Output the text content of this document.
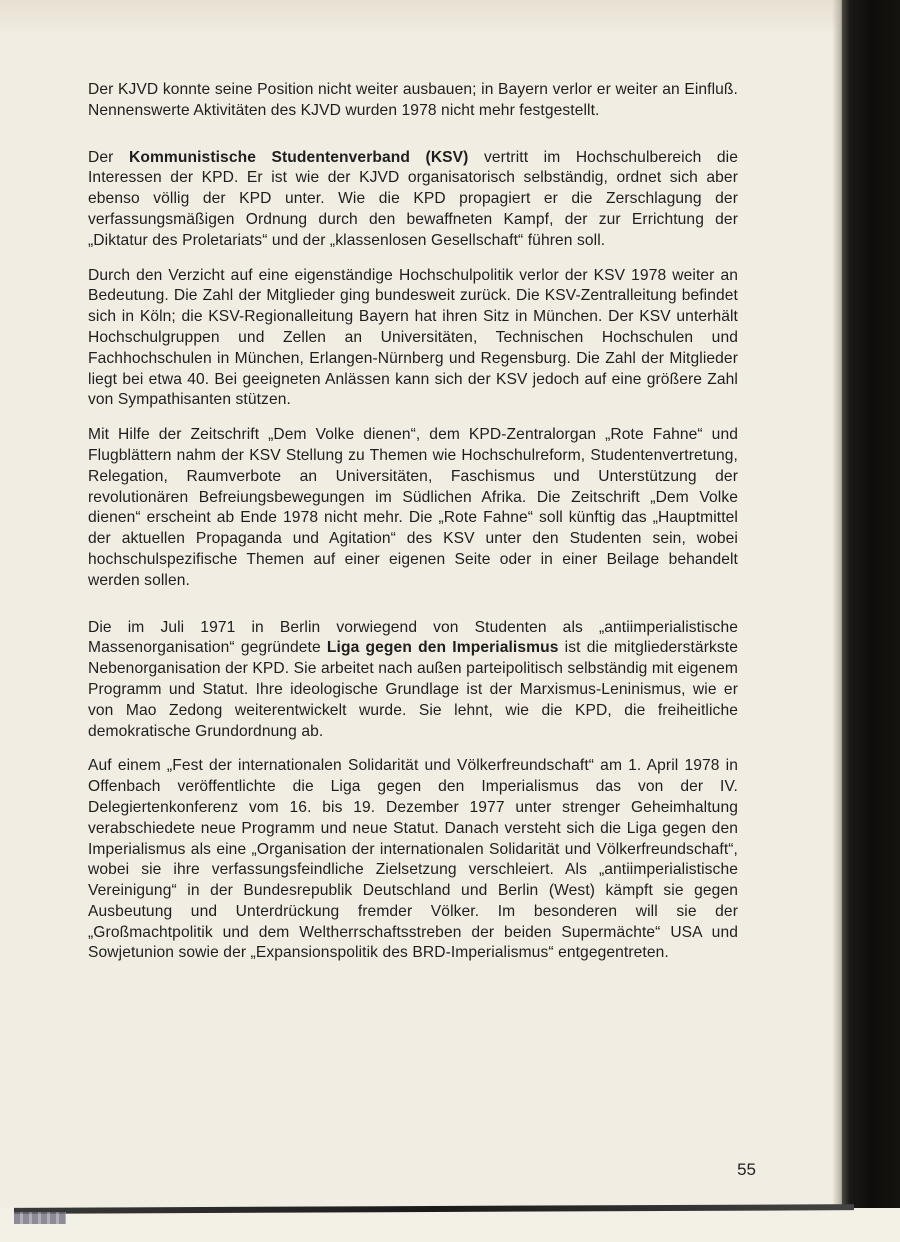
Der KJVD konnte seine Position nicht weiter ausbauen; in Bayern verlor er weiter an Einfluß. Nennenswerte Aktivitäten des KJVD wurden 1978 nicht mehr festgestellt.

Der Kommunistische Studentenverband (KSV) vertritt im Hochschulbereich die Interessen der KPD. Er ist wie der KJVD organisatorisch selbständig, ordnet sich aber ebenso völlig der KPD unter. Wie die KPD propagiert er die Zerschlagung der verfassungsmäßigen Ordnung durch den bewaffneten Kampf, der zur Errichtung der „Diktatur des Proletariats“ und der „klassenlosen Gesellschaft“ führen soll.

Durch den Verzicht auf eine eigenständige Hochschulpolitik verlor der KSV 1978 weiter an Bedeutung. Die Zahl der Mitglieder ging bundesweit zurück. Die KSV-Zentralleitung befindet sich in Köln; die KSV-Regionalleitung Bayern hat ihren Sitz in München. Der KSV unterhält Hochschulgruppen und Zellen an Universitäten, Technischen Hochschulen und Fachhochschulen in München, Erlangen-Nürnberg und Regensburg. Die Zahl der Mitglieder liegt bei etwa 40. Bei geeigneten Anlässen kann sich der KSV jedoch auf eine größere Zahl von Sympathisanten stützen.

Mit Hilfe der Zeitschrift „Dem Volke dienen“, dem KPD-Zentralorgan „Rote Fahne“ und Flugblättern nahm der KSV Stellung zu Themen wie Hochschulreform, Studentenvertretung, Relegation, Raumverbote an Universitäten, Faschismus und Unterstützung der revolutionären Befreiungsbewegungen im Südlichen Afrika. Die Zeitschrift „Dem Volke dienen“ erscheint ab Ende 1978 nicht mehr. Die „Rote Fahne“ soll künftig das „Hauptmittel der aktuellen Propaganda und Agitation“ des KSV unter den Studenten sein, wobei hochschulspezifische Themen auf einer eigenen Seite oder in einer Beilage behandelt werden sollen.

Die im Juli 1971 in Berlin vorwiegend von Studenten als „antiimperialistische Massenorganisation“ gegründete Liga gegen den Imperialismus ist die mitgliederstärkste Nebenorganisation der KPD. Sie arbeitet nach außen parteipolitisch selbständig mit eigenem Programm und Statut. Ihre ideologische Grundlage ist der Marxismus-Leninismus, wie er von Mao Zedong weiterentwickelt wurde. Sie lehnt, wie die KPD, die freiheitliche demokratische Grundordnung ab.

Auf einem „Fest der internationalen Solidarität und Völkerfreundschaft“ am 1. April 1978 in Offenbach veröffentlichte die Liga gegen den Imperialismus das von der IV. Delegiertenkonferenz vom 16. bis 19. Dezember 1977 unter strenger Geheimhaltung verabschiedete neue Programm und neue Statut. Danach versteht sich die Liga gegen den Imperialismus als eine „Organisation der internationalen Solidarität und Völkerfreundschaft“, wobei sie ihre verfassungsfeindliche Zielsetzung verschleiert. Als „antiimperialistische Vereinigung“ in der Bundesrepublik Deutschland und Berlin (West) kämpft sie gegen Ausbeutung und Unterdrückung fremder Völker. Im besonderen will sie der „Großmachtpolitik und dem Weltherrschaftsstreben der beiden Supermächte“ USA und Sowjetunion sowie der „Expansionspolitik des BRD-Imperialismus“ entgegentreten.

55
